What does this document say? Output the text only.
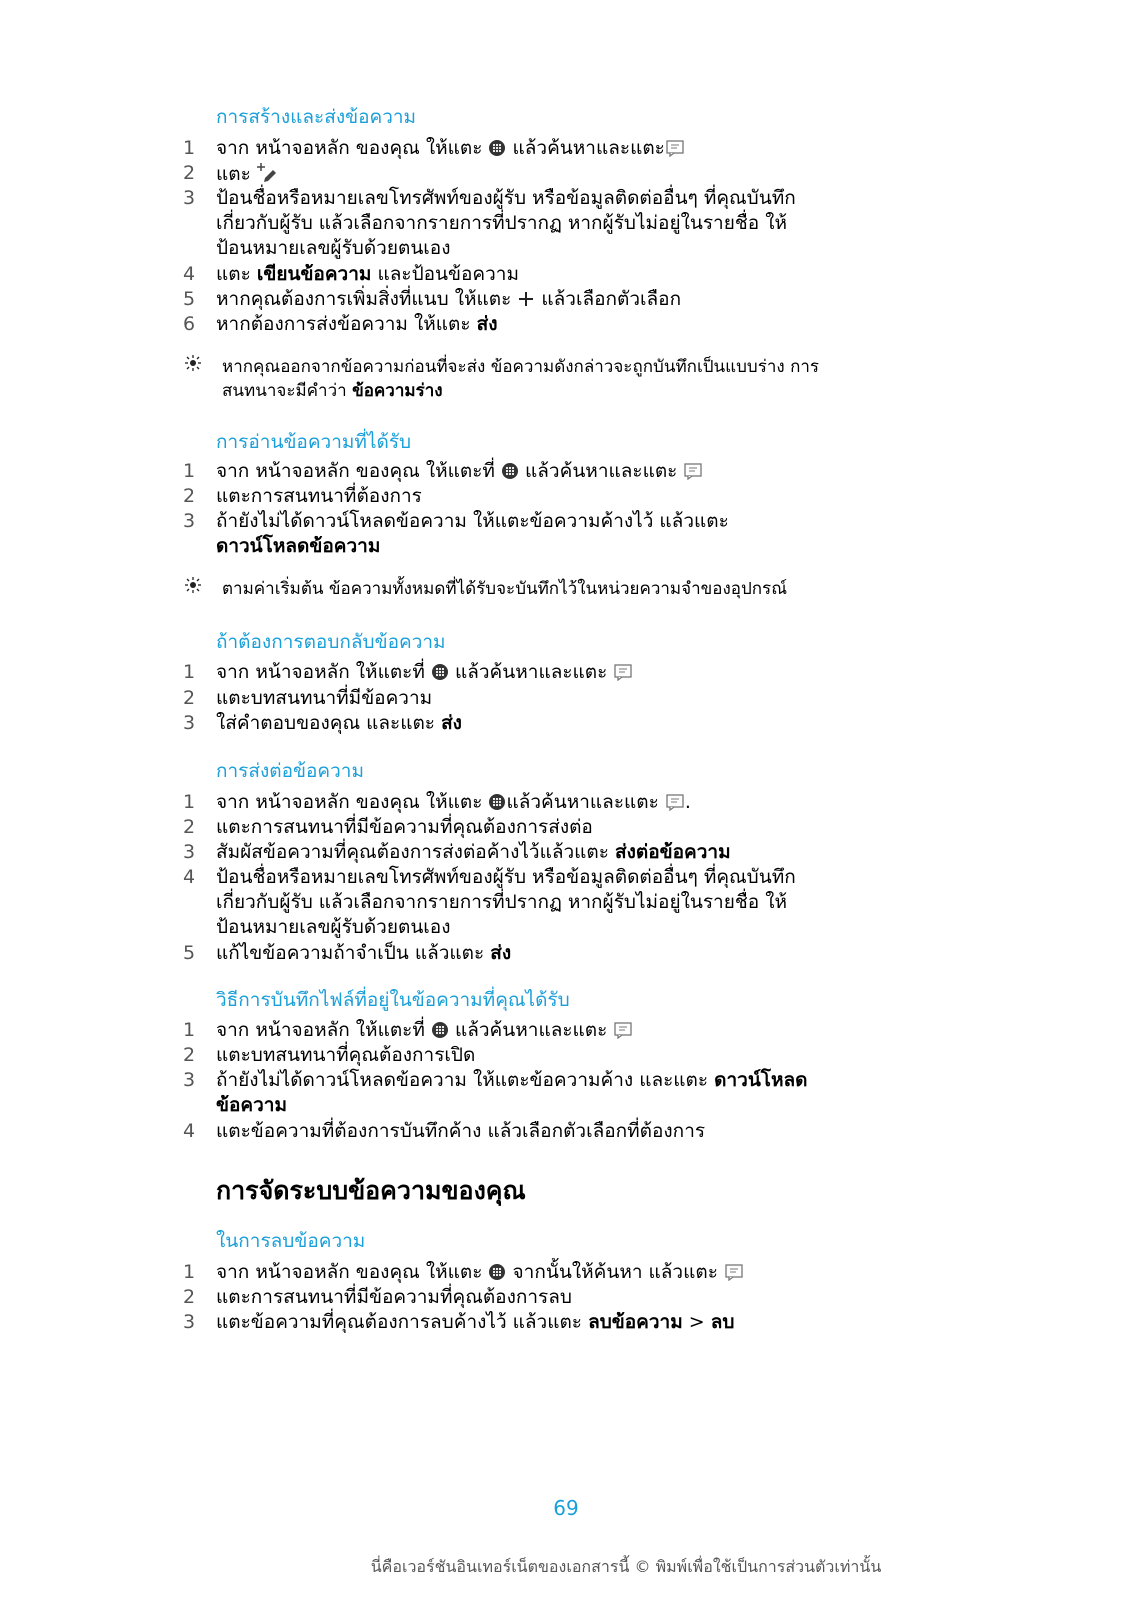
การสร้างและส่งข้อความ
1	จาก หน้าจอหลัก ของคุณ ให้แตะ แล้วค้นหาและแตะ
2	แตะ
3	ป้อนชื่อหรือหมายเลขโทรศัพท์ของผู้รับ หรือข้อมูลติดต่ออื่นๆ ที่คุณบันทึก
เกี่ยวกับผู้รับ แล้วเลือกจากรายการที่ปรากฏ หากผู้รับไม่อยู่ในรายชื่อ ให้
ป้อนหมายเลขผู้รับด้วยตนเอง
4	แตะ เขียนข้อความ และป้อนข้อความ
5	หากคุณต้องการเพิ่มสิ่งที่แนบ ให้แตะ แล้วเลือกตัวเลือก
6	หากต้องการส่งข้อความ ให้แตะ ส่ง
หากคุณออกจากข้อความก่อนที่จะส่ง ข้อความดังกล่าวจะถูกบันทึกเป็นแบบร่าง การ
สนทนาจะมีคำว่า ข้อความร่าง
การอ่านข้อความที่ได้รับ
1	จาก หน้าจอหลัก ของคุณ ให้แตะที่ แล้วค้นหาและแตะ
2	แตะการสนทนาที่ต้องการ
3	ถ้ายังไม่ได้ดาวน์โหลดข้อความ ให้แตะข้อความค้างไว้ แล้วแตะ
ดาวน์โหลดข้อความ
ตามค่าเริ่มต้น ข้อความทั้งหมดที่ได้รับจะบันทึกไว้ในหน่วยความจำของอุปกรณ์
ถ้าต้องการตอบกลับข้อความ
1	จาก หน้าจอหลัก ให้แตะที่ แล้วค้นหาและแตะ
2	แตะบทสนทนาที่มีข้อความ
3	ใส่คำตอบของคุณ และแตะ ส่ง
การส่งต่อข้อความ
1	จาก หน้าจอหลัก ของคุณ ให้แตะ แล้วค้นหาและแตะ .
2	แตะการสนทนาที่มีข้อความที่คุณต้องการส่งต่อ
3	สัมผัสข้อความที่คุณต้องการส่งต่อค้างไว้แล้วแตะ ส่งต่อข้อความ
4	ป้อนชื่อหรือหมายเลขโทรศัพท์ของผู้รับ หรือข้อมูลติดต่ออื่นๆ ที่คุณบันทึก
เกี่ยวกับผู้รับ แล้วเลือกจากรายการที่ปรากฏ หากผู้รับไม่อยู่ในรายชื่อ ให้
ป้อนหมายเลขผู้รับด้วยตนเอง
5	แก้ไขข้อความถ้าจำเป็น แล้วแตะ ส่ง
วิธีการบันทึกไฟล์ที่อยู่ในข้อความที่คุณได้รับ
1	จาก หน้าจอหลัก ให้แตะที่ แล้วค้นหาและแตะ
2	แตะบทสนทนาที่คุณต้องการเปิด
3	ถ้ายังไม่ได้ดาวน์โหลดข้อความ ให้แตะข้อความค้าง และแตะ ดาวน์โหลด
ข้อความ
4	แตะข้อความที่ต้องการบันทึกค้าง แล้วเลือกตัวเลือกที่ต้องการ
การจัดระบบข้อความของคุณ
ในการลบข้อความ
1	จาก หน้าจอหลัก ของคุณ ให้แตะ จากนั้นให้ค้นหา แล้วแตะ
2	แตะการสนทนาที่มีข้อความที่คุณต้องการลบ
3	แตะข้อความที่คุณต้องการลบค้างไว้ แล้วแตะ ลบข้อความ > ลบ
69
นี่คือเวอร์ชันอินเทอร์เน็ตของเอกสารนี้ © พิมพ์เพื่อใช้เป็นการส่วนตัวเท่านั้น
